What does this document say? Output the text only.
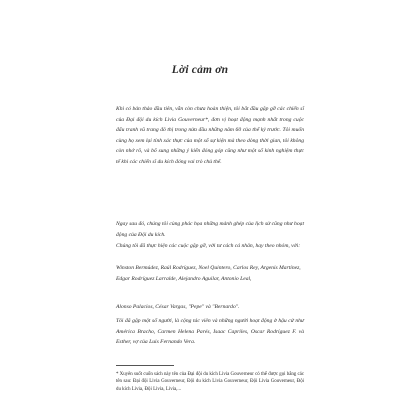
Lời cảm ơn

Khi có bản thảo đầu tiên, vẫn còn chưa hoàn thiện, tôi bắt đầu gặp gỡ các chiến sĩ của Đại đội du kích Livia Gouverneur*, đơn vị hoạt động mạnh nhất trong cuộc đấu tranh vũ trang đô thị trong nửa đầu những năm 60 của thế kỷ trước. Tôi muốn cùng họ xem lại tính xác thực của một số sự kiện mà theo dòng thời gian, tôi không còn nhớ rõ, và bổ sung những ý kiến đóng góp cũng như một số kinh nghiệm thực tế khi các chiến sĩ du kích đóng vai trò chủ thể.

Ngay sau đó, chúng tôi cùng phác họa những mảnh ghép của lịch sử cũng như hoạt động của Đội du kích.

Chúng tôi đã thực hiện các cuộc gặp gỡ, với tư cách cá nhân, hay theo nhóm, với:

Winston Bermúdez, Raúl Rodríguez, Noel Quintero, Carlos Rey, Argenis Martínez, Edgar Rodríguez Larralde, Alejandro Aguilar, Antonio Leal,
Alonso Palacios, César Vargas, "Pepe" và "Bernardo".

Tôi đã gặp một số người, là cộng tác viên và những người hoạt động ở hậu cứ như América Bracho, Carmen Helena Parés, Isaac Capriles, Oscar Rodríguez F. và Esther, vợ của Luis Fernando Vera.

* Xuyên suốt cuốn sách này tên của Đại đội du kích Livia Gouverneur có thể được gọi bằng các tên sau: Đại đội Livia Gouverneur, Đội du kích Livia Gouverneur, Đội Livia Gouverneur, Đội du kích Livia, Đội Livia, Livia,...
